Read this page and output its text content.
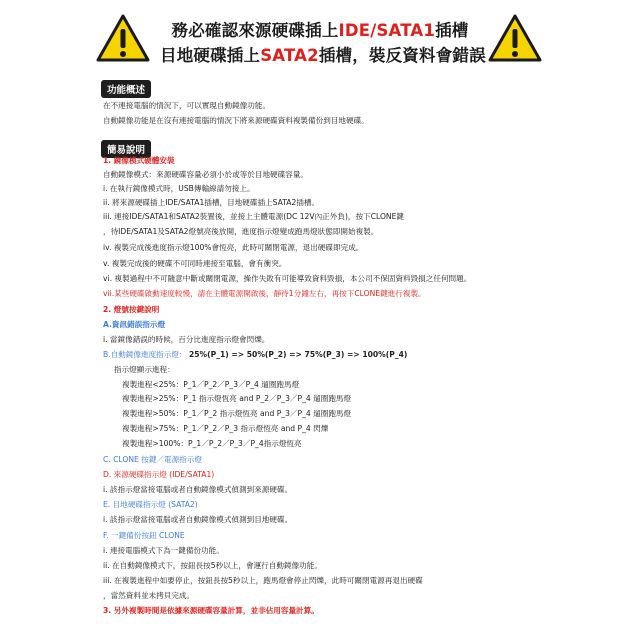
務必確認來源硬碟插上IDE/SATA1插槽
目地硬碟插上SATA2插槽，裝反資料會錯誤
功能概述
在不連接電腦的情況下，可以實現自動鏡像功能。
自動鏡像功能是在沒有連接電腦的情況下將來源硬碟資料複製備份到目地硬碟。
簡易說明
1. 鏡像模式硬體安裝
自動鏡像模式：來源硬碟容量必須小於或等於目地硬碟容量。
i. 在執行鏡像模式時，USB傳輸線請勿接上。
ii. 將來源硬碟插上IDE/SATA1插槽，目地硬碟插上SATA2插槽。
iii. 連接IDE/SATA1和SATA2裝置後，並接上主體電源(DC 12V內正外負)，按下CLONE鍵
，待IDE/SATA1及SATA2燈號亮後放開，進度指示燈變成跑馬燈狀態即開始複製。
iv. 複製完成後進度指示燈100%會恆亮，此時可關閉電源，退出硬碟即完成。
v. 複製完成後的硬碟不可同時連接至電腦，會有衝突。
vi. 複製過程中不可隨意中斷或關閉電源，操作失敗有可能導致資料毀損，本公司不保固資料毀損之任何問題。
vii.某些硬碟啟動速度較慢，請在主體電源開啟後，靜待1分鐘左右，再按下CLONE鍵進行複製。
2. 燈號按鍵說明
A.資訊錯誤指示燈
i. 當鏡像錯誤的時候，百分比進度指示燈會閃爍。
B.自動鏡像進度指示燈： 25%(P_1) => 50%(P_2) => 75%(P_3) => 100%(P_4)
指示燈顯示進程：
複製進程<25%：P_1／P_2／P_3／P_4 遛圈跑馬燈
複製進程>25%：P_1 指示燈恆亮 and P_2／P_3／P_4 遛圈跑馬燈
複製進程>50%：P_1／P_2 指示燈恆亮 and P_3／P_4 遛圈跑馬燈
複製進程>75%：P_1／P_2／P_3 指示燈恆亮 and P_4 閃爍
複製進程>100%：P_1／P_2／P_3／P_4指示燈恆亮
C. CLONE 按鍵／電源指示燈
D. 來源硬碟指示燈 (IDE/SATA1)
i. 該指示燈當接電腦或者自動鏡像模式偵測到來源硬碟。
E. 目地硬碟指示燈 (SATA2)
i. 該指示燈當接電腦或者自動鏡像模式偵測到目地硬碟。
F. 一鍵備份按鈕 CLONE
i. 連接電腦模式下為一鍵備份功能。
ii. 在自動鏡像模式下，按鈕長按5秒以上，會運行自動鏡像功能。
iii. 在複製進程中如要停止，按鈕長按5秒以上，跑馬燈會停止閃爍，此時可關閉電源再退出硬碟
，當然資料並未拷貝完成。
3. 另外複製時間是依據來源硬碟容量計算，並非佔用容量計算。
